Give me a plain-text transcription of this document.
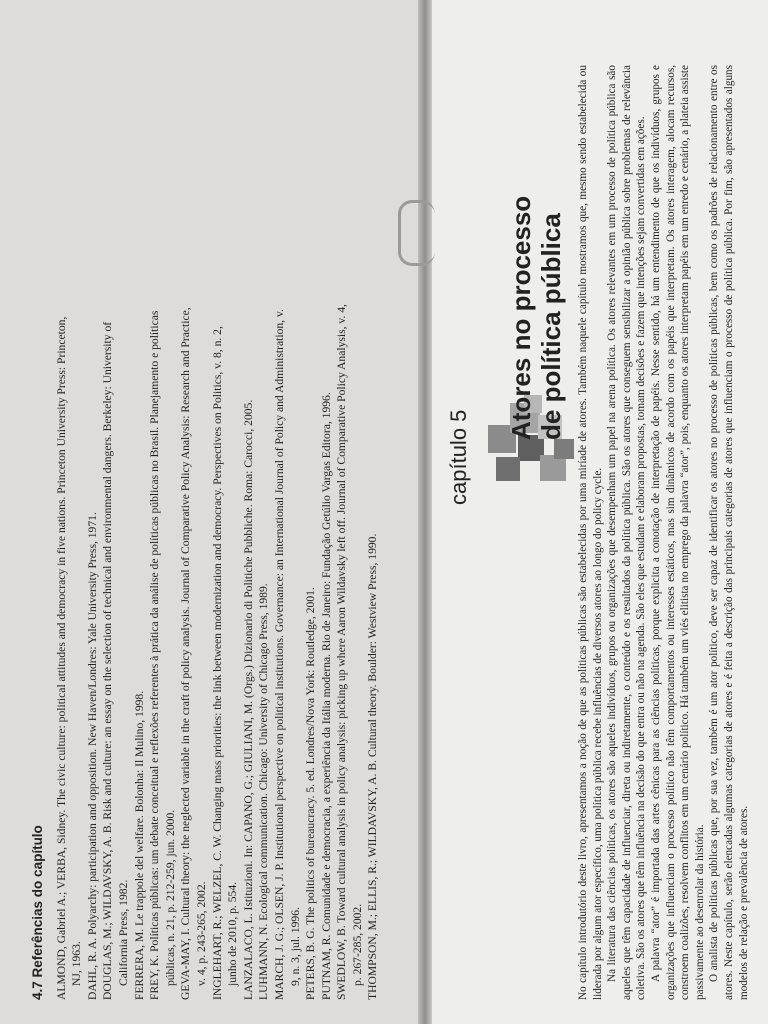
4.7 Referências do capítulo ALMOND, Gabriel A.; VERBA, Sidney. The civic culture: political attitudes and democracy in five nations. Princeton University Press: Princeton, NJ, 1963. DAHL, R. A. Polyarchy: participation and opposition. New Haven/Londres: Yale University Press, 1971. DOUGLAS, M.; WILDAVSKY, A. B. Risk and culture: an essay on the selection of technical and environmental dangers. Berkeley: University of California Press, 1982. FERRERA, M. Le trappole del welfare. Bolonha: Il Mulino, 1998. FREY, K. Políticas públicas: um debate conceitual e reflexões referentes à prática da análise de políticas públicas no Brasil. Planejamento e políticas públicas, n. 21, p. 212-259, jun. 2000. GEVA-MAY, I. Cultural theory: the neglected variable in the craft of policy analysis. Journal of Comparative Policy Analysis: Research and Practice, v. 4, p. 243-265, 2002. INGLEHART, R.; WELZEL, C. W. Changing mass priorities: the link between modernization and democracy. Perspectives on Politics, v. 8, n. 2, junho de 2010, p. 554. LANZALACO, L. Istituzioni. In: CAPANO, G.; GIULIANI, M. (Orgs.) Dizionario di Politiche Pubbliche. Roma: Carocci, 2005. LUHMANN, N. Ecological communication. Chicago: University of Chicago Press, 1989. MARCH, J. G.; OLSEN, J. P. Institutional perspective on political institutions. Governance: an International Journal of Policy and Administration, v. 9, n. 3, jul. 1996. PETERS, B. G. The politics of bureaucracy. 5. ed. Londres/Nova York: Routledge, 2001. PUTNAM, R. Comunidade e democracia, a experiência da Itália moderna. Rio de Janeiro: Fundação Getúlio Vargas Editora, 1996. SWEDLOW, B. Toward cultural analysis in policy analysis: picking up where Aaron Wildavsky left off. Journal of Comparative Policy Analysis, v. 4, p. 267-285, 2002. THOMPSON, M.; ELLIS, R.; WILDAVSKY, A. B. Cultural theory. Boulder: Westview Press, 1990.

capítulo 5
Atores no processo de política pública No capítulo introdutório deste livro, apresentamos a noção de que as políticas públicas são estabelecidas por uma miríade de atores. Também naquele capítulo mostramos que, mesmo sendo estabelecida ou liderada por algum ator específico, uma política pública recebe influências de diversos atores ao longo do policy cycle. Na literatura das ciências políticas, os atores são aqueles indivíduos, grupos ou organizações que desempenham um papel na arena política. Os atores relevantes em um processo de política pública são aqueles que têm capacidade de influenciar, direta ou indiretamente, o conteúdo e os resultados da política pública. São os atores que conseguem sensibilizar a opinião pública sobre problemas de relevância coletiva. São os atores que têm influência na decisão do que entra ou não na agenda. São eles que estudam e elaboram propostas, tomam decisões e fazem que intenções sejam convertidas em ações. A palavra “ator” é importada das artes cênicas para as ciências políticas, porque explicita a conotação de interpretação de papéis. Nesse sentido, há um entendimento de que os indivíduos, grupos e organizações que influenciam o processo político não têm comportamentos ou interesses estáticos, mas sim dinâmicos de acordo com os papéis que interpretam. Os atores interagem, alocam recursos, constroem coalizões, resolvem conflitos em um cenário político. Há também um viés elitista no emprego da palavra “ator”, pois, enquanto os atores interpretam papéis em um enredo e cenário, a plateia assiste passivamente ao desenrolar da história. O analista de políticas públicas que, por sua vez, também é um ator político, deve ser capaz de identificar os atores no processo de políticas públicas, bem como os padrões de relacionamento entre os atores. Neste capítulo, serão elencadas algumas categorias de atores e é feita a descrição das principais categorias de atores que influenciam o processo de política pública. Por fim, são apresentados alguns modelos de relação e prevalência de atores.
